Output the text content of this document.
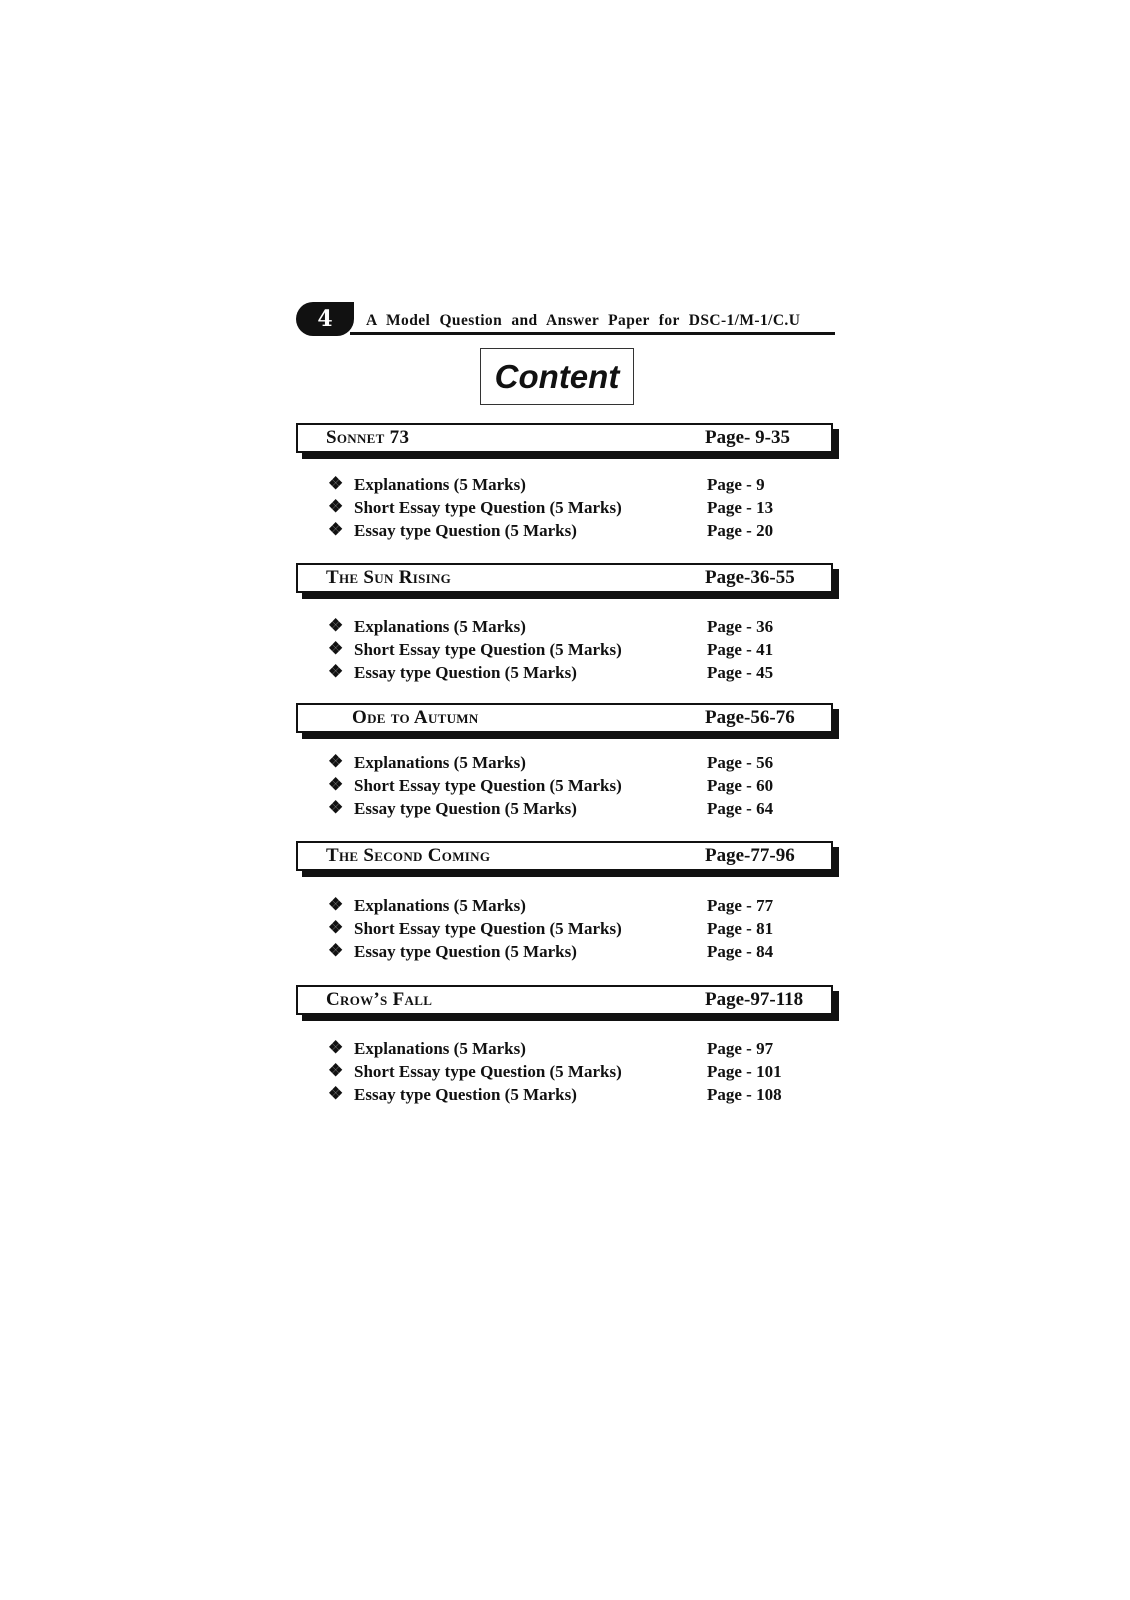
4	A Model Question and Answer Paper for DSC-1/M-1/C.U
Content
Sonnet 73	Page- 9-35
❖ Explanations (5 Marks)	Page - 9
❖ Short Essay type Question (5 Marks)	Page - 13
❖ Essay type Question (5 Marks)	Page - 20
The Sun Rising	Page-36-55
❖ Explanations (5 Marks)	Page - 36
❖ Short Essay type Question (5 Marks)	Page - 41
❖ Essay type Question (5 Marks)	Page - 45
Ode to Autumn	Page-56-76
❖ Explanations (5 Marks)	Page - 56
❖ Short Essay type Question (5 Marks)	Page - 60
❖ Essay type Question (5 Marks)	Page - 64
The Second Coming	Page-77-96
❖ Explanations (5 Marks)	Page - 77
❖ Short Essay type Question (5 Marks)	Page - 81
❖ Essay type Question (5 Marks)	Page - 84
Crow’s Fall	Page-97-118
❖ Explanations (5 Marks)	Page - 97
❖ Short Essay type Question (5 Marks)	Page - 101
❖ Essay type Question (5 Marks)	Page - 108
